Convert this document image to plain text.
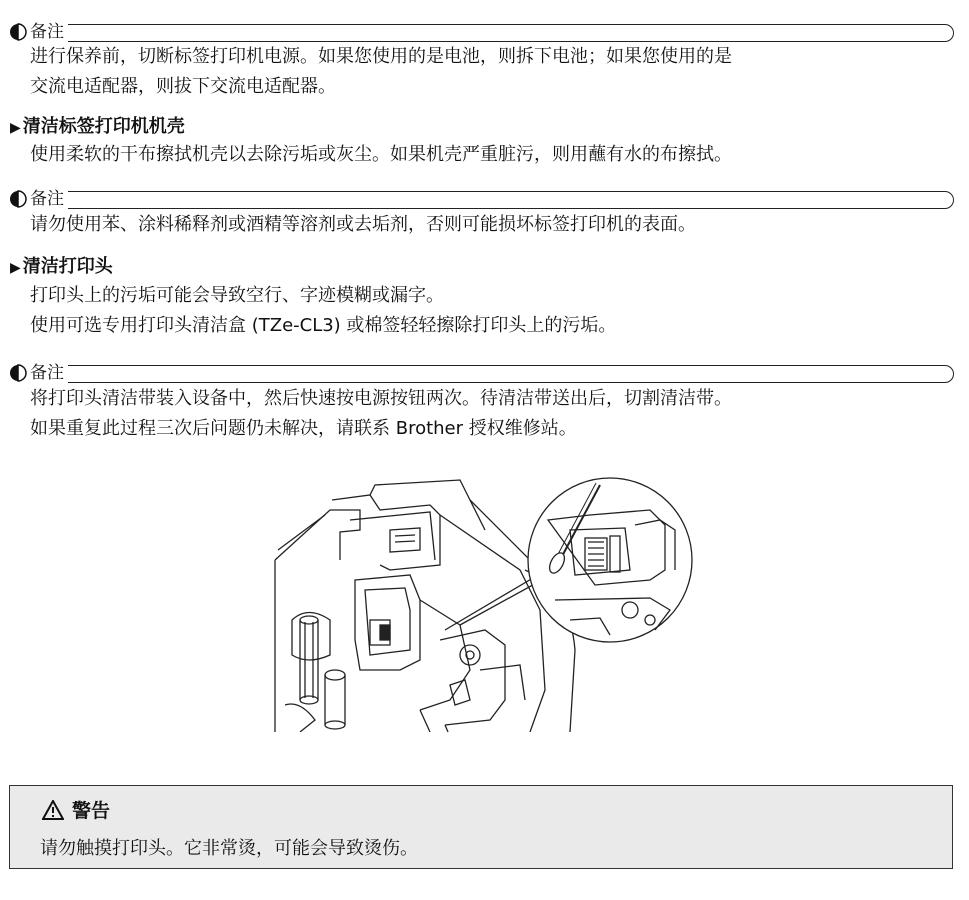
备注
进行保养前，切断标签打印机电源。如果您使用的是电池，则拆下电池；如果您使用的是
交流电适配器，则拔下交流电适配器。
▶ 清洁标签打印机机壳
使用柔软的干布擦拭机壳以去除污垢或灰尘。如果机壳严重脏污，则用蘸有水的布擦拭。
备注
请勿使用苯、涂料稀释剂或酒精等溶剂或去垢剂，否则可能损坏标签打印机的表面。
▶ 清洁打印头
打印头上的污垢可能会导致空行、字迹模糊或漏字。
使用可选专用打印头清洁盒 (TZe-CL3) 或棉签轻轻擦除打印头上的污垢。
备注
将打印头清洁带装入设备中，然后快速按电源按钮两次。待清洁带送出后，切割清洁带。
如果重复此过程三次后问题仍未解决，请联系 Brother 授权维修站。
警告
请勿触摸打印头。它非常烫，可能会导致烫伤。
